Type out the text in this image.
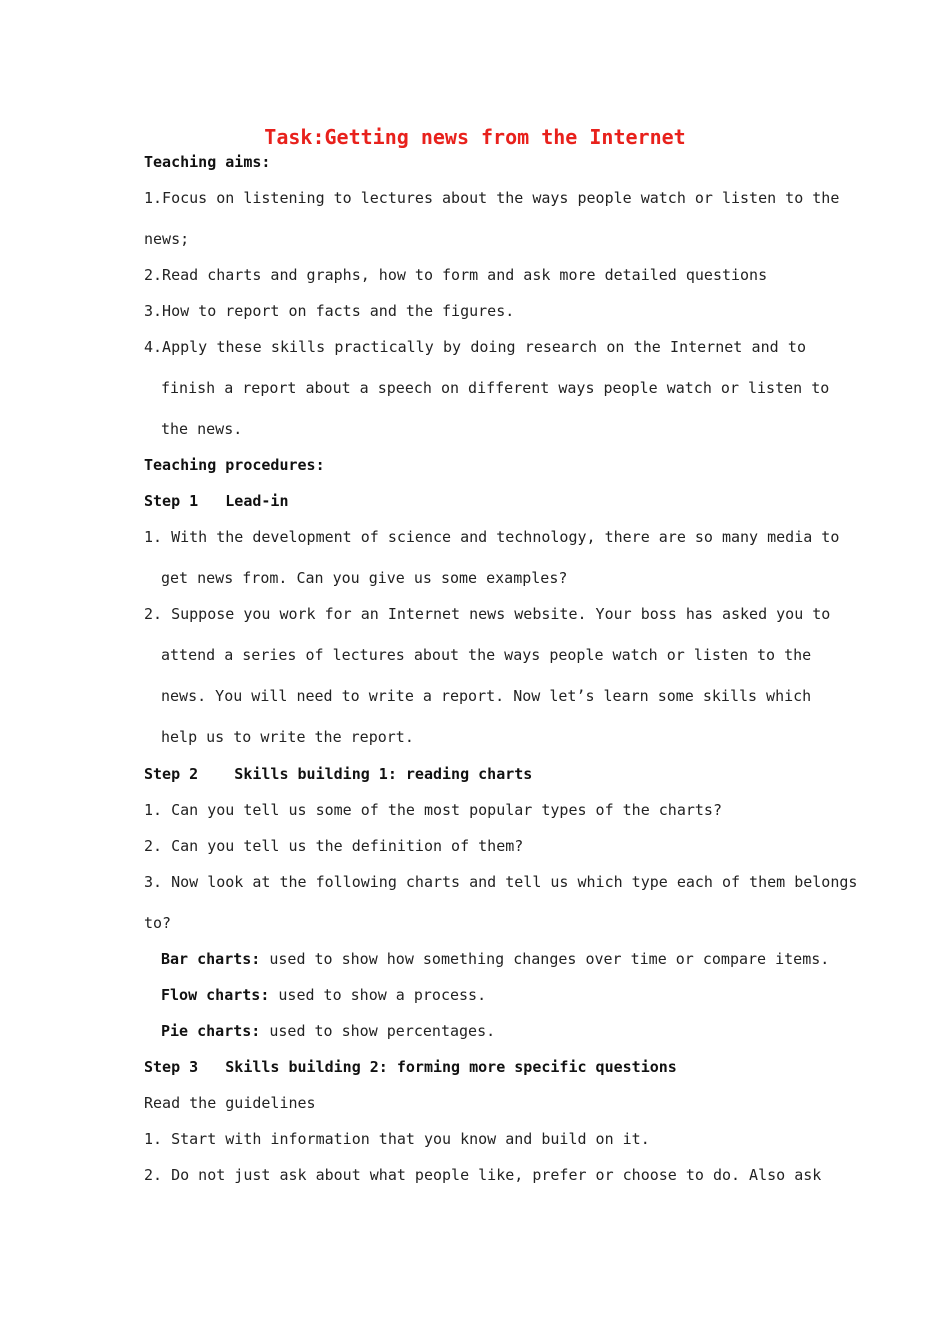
Task:Getting news from the Internet
Teaching aims:
1.Focus on listening to lectures about the ways people watch or listen to the
news;
2.Read charts and graphs, how to form and ask more detailed questions
3.How to report on facts and the figures.
4.Apply these skills practically by doing research on the Internet and to
finish a report about a speech on different ways people watch or listen to
the news.
Teaching procedures:
Step 1   Lead-in
1. With the development of science and technology, there are so many media to
get news from. Can you give us some examples?
2. Suppose you work for an Internet news website. Your boss has asked you to
attend a series of lectures about the ways people watch or listen to the
news. You will need to write a report. Now let’s learn some skills which
help us to write the report.
Step 2    Skills building 1: reading charts
1. Can you tell us some of the most popular types of the charts?
2. Can you tell us the definition of them?
3. Now look at the following charts and tell us which type each of them belongs
to?
Bar charts: used to show how something changes over time or compare items.
Flow charts: used to show a process.
Pie charts: used to show percentages.
Step 3   Skills building 2: forming more specific questions
Read the guidelines
1. Start with information that you know and build on it.
2. Do not just ask about what people like, prefer or choose to do. Also ask
